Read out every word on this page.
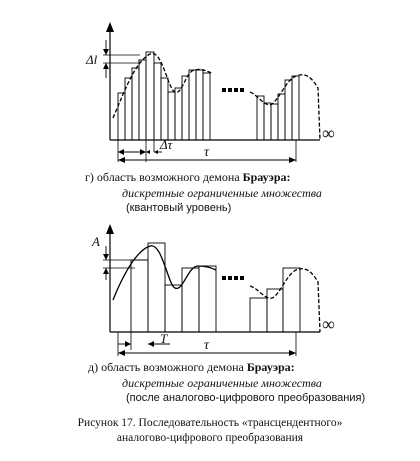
Δl
Δτ
τ
∞
г) область возможного демона Брауэра:
дискретные ограниченные множества
(квантовый уровень)
A
T	τ
∞
д) область возможного демона Брауэра:
дискретные ограниченные множества
(после аналогово-цифрового преобразования)
Рисунок 17. Последовательность «трансцендентного»
аналогово-цифрового преобразования
